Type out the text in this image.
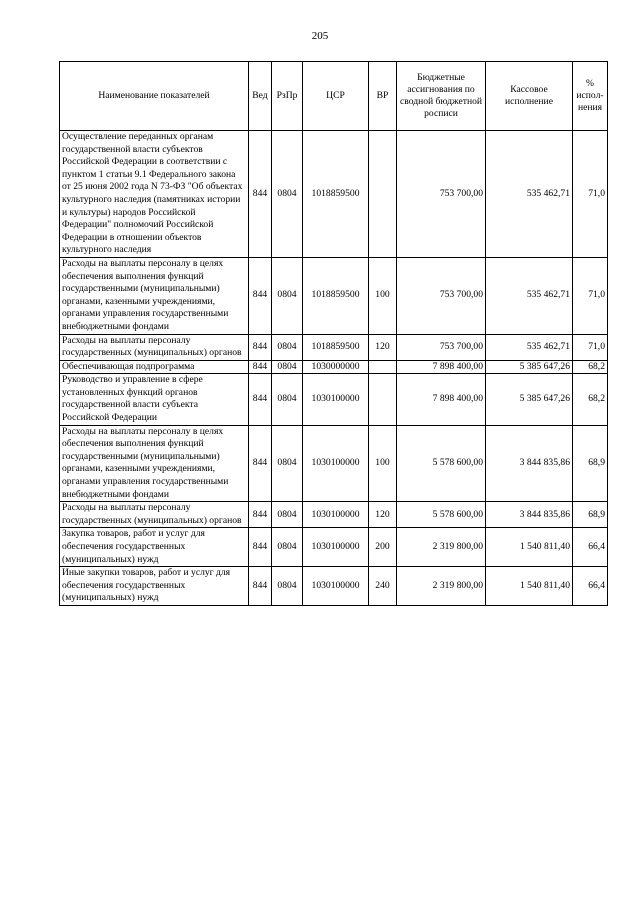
205
Наименование показателей	Вед	РзПр	ЦСР	ВР	Бюджетные ассигнования по сводной бюджетной росписи	Кассовое исполнение	% испол-нения
Осуществление переданных органам государственной власти субъектов Российской Федерации в соответствии с пунктом 1 статьи 9.1 Федерального закона от 25 июня 2002 года N 73-ФЗ "Об объектах культурного наследия (памятниках истории и культуры) народов Российской Федерации" полномочий Российской Федерации в отношении объектов культурного наследия	844	0804	1018859500		753 700,00	535 462,71	71,0
Расходы на выплаты персоналу в целях обеспечения выполнения функций государственными (муниципальными) органами, казенными учреждениями, органами управления государственными внебюджетными фондами	844	0804	1018859500	100	753 700,00	535 462,71	71,0
Расходы на выплаты персоналу государственных (муниципальных) органов	844	0804	1018859500	120	753 700,00	535 462,71	71,0
Обеспечивающая подпрограмма	844	0804	1030000000		7 898 400,00	5 385 647,26	68,2
Руководство и управление в сфере установленных функций органов государственной власти субъекта Российской Федерации	844	0804	1030100000		7 898 400,00	5 385 647,26	68,2
Расходы на выплаты персоналу в целях обеспечения выполнения функций государственными (муниципальными) органами, казенными учреждениями, органами управления государственными внебюджетными фондами	844	0804	1030100000	100	5 578 600,00	3 844 835,86	68,9
Расходы на выплаты персоналу государственных (муниципальных) органов	844	0804	1030100000	120	5 578 600,00	3 844 835,86	68,9
Закупка товаров, работ и услуг для обеспечения государственных (муниципальных) нужд	844	0804	1030100000	200	2 319 800,00	1 540 811,40	66,4
Иные закупки товаров, работ и услуг для обеспечения государственных (муниципальных) нужд	844	0804	1030100000	240	2 319 800,00	1 540 811,40	66,4
